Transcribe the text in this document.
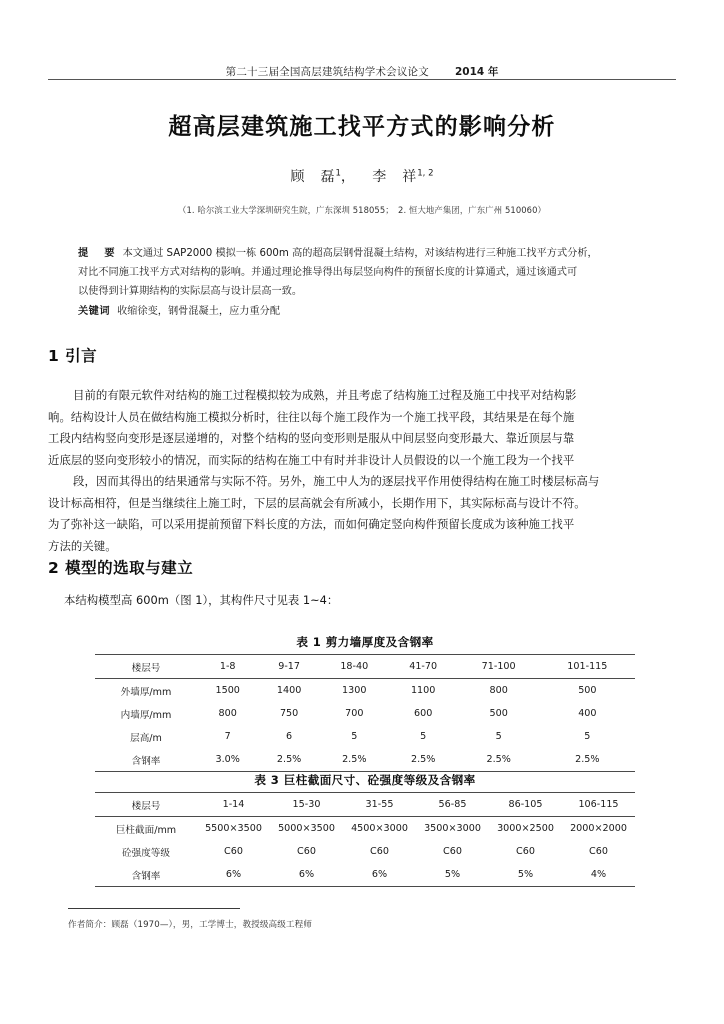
第二十三届全国高层建筑结构学术会议论文 2014 年
超高层建筑施工找平方式的影响分析
顾　磊$^1$， 李　祥$^{1, 2}$
（1. 哈尔滨工业大学深圳研究生院，广东深圳 518055；　2. 恒大地产集团，广东广州 510060）
提　要 本文通过 SAP2000 模拟一栋 600m 高的超高层钢骨混凝土结构，对该结构进行三种施工找平方式分析，
对比不同施工找平方式对结构的影响。并通过理论推导得出每层竖向构件的预留长度的计算通式，通过该通式可
以使得到计算期结构的实际层高与设计层高一致。
关键词 收缩徐变，钢骨混凝土，应力重分配
1 引言
目前的有限元软件对结构的施工过程模拟较为成熟，并且考虑了结构施工过程及施工中找平对结构影
响。结构设计人员在做结构施工模拟分析时，往往以每个施工段作为一个施工找平段，其结果是在每个施
工段内结构竖向变形是逐层递增的，对整个结构的竖向变形则是服从中间层竖向变形最大、靠近顶层与靠
近底层的竖向变形较小的情况，而实际的结构在施工中有时并非设计人员假设的以一个施工段为一个找平
段，因而其得出的结果通常与实际不符。另外，施工中人为的逐层找平作用使得结构在施工时楼层标高与
设计标高相符，但是当继续往上施工时，下层的层高就会有所减小，长期作用下，其实际标高与设计不符。
为了弥补这一缺陷，可以采用提前预留下料长度的方法，而如何确定竖向构件预留长度成为该种施工找平
方法的关键。
2 模型的选取与建立
本结构模型高 600m（图 1），其构件尺寸见表 1~4：
表 1 剪力墙厚度及含钢率
楼层号	1-8	9-17	18-40	41-70	71-100	101-115
外墙厚/mm	1500	1400	1300	1100	800	500
内墙厚/mm	800	750	700	600	500	400
层高/m	7	6	5	5	5	5
含钢率	3.0%	2.5%	2.5%	2.5%	2.5%	2.5%
表 3 巨柱截面尺寸、砼强度等级及含钢率
楼层号	1-14	15-30	31-55	56-85	86-105	106-115
巨柱截面/mm	5500×3500	5000×3500	4500×3000	3500×3000	3000×2500	2000×2000
砼强度等级	C60	C60	C60	C60	C60	C60
含钢率	6%	6%	6%	5%	5%	4%
作者简介：顾磊（1970—），男，工学博士，教授级高级工程师
